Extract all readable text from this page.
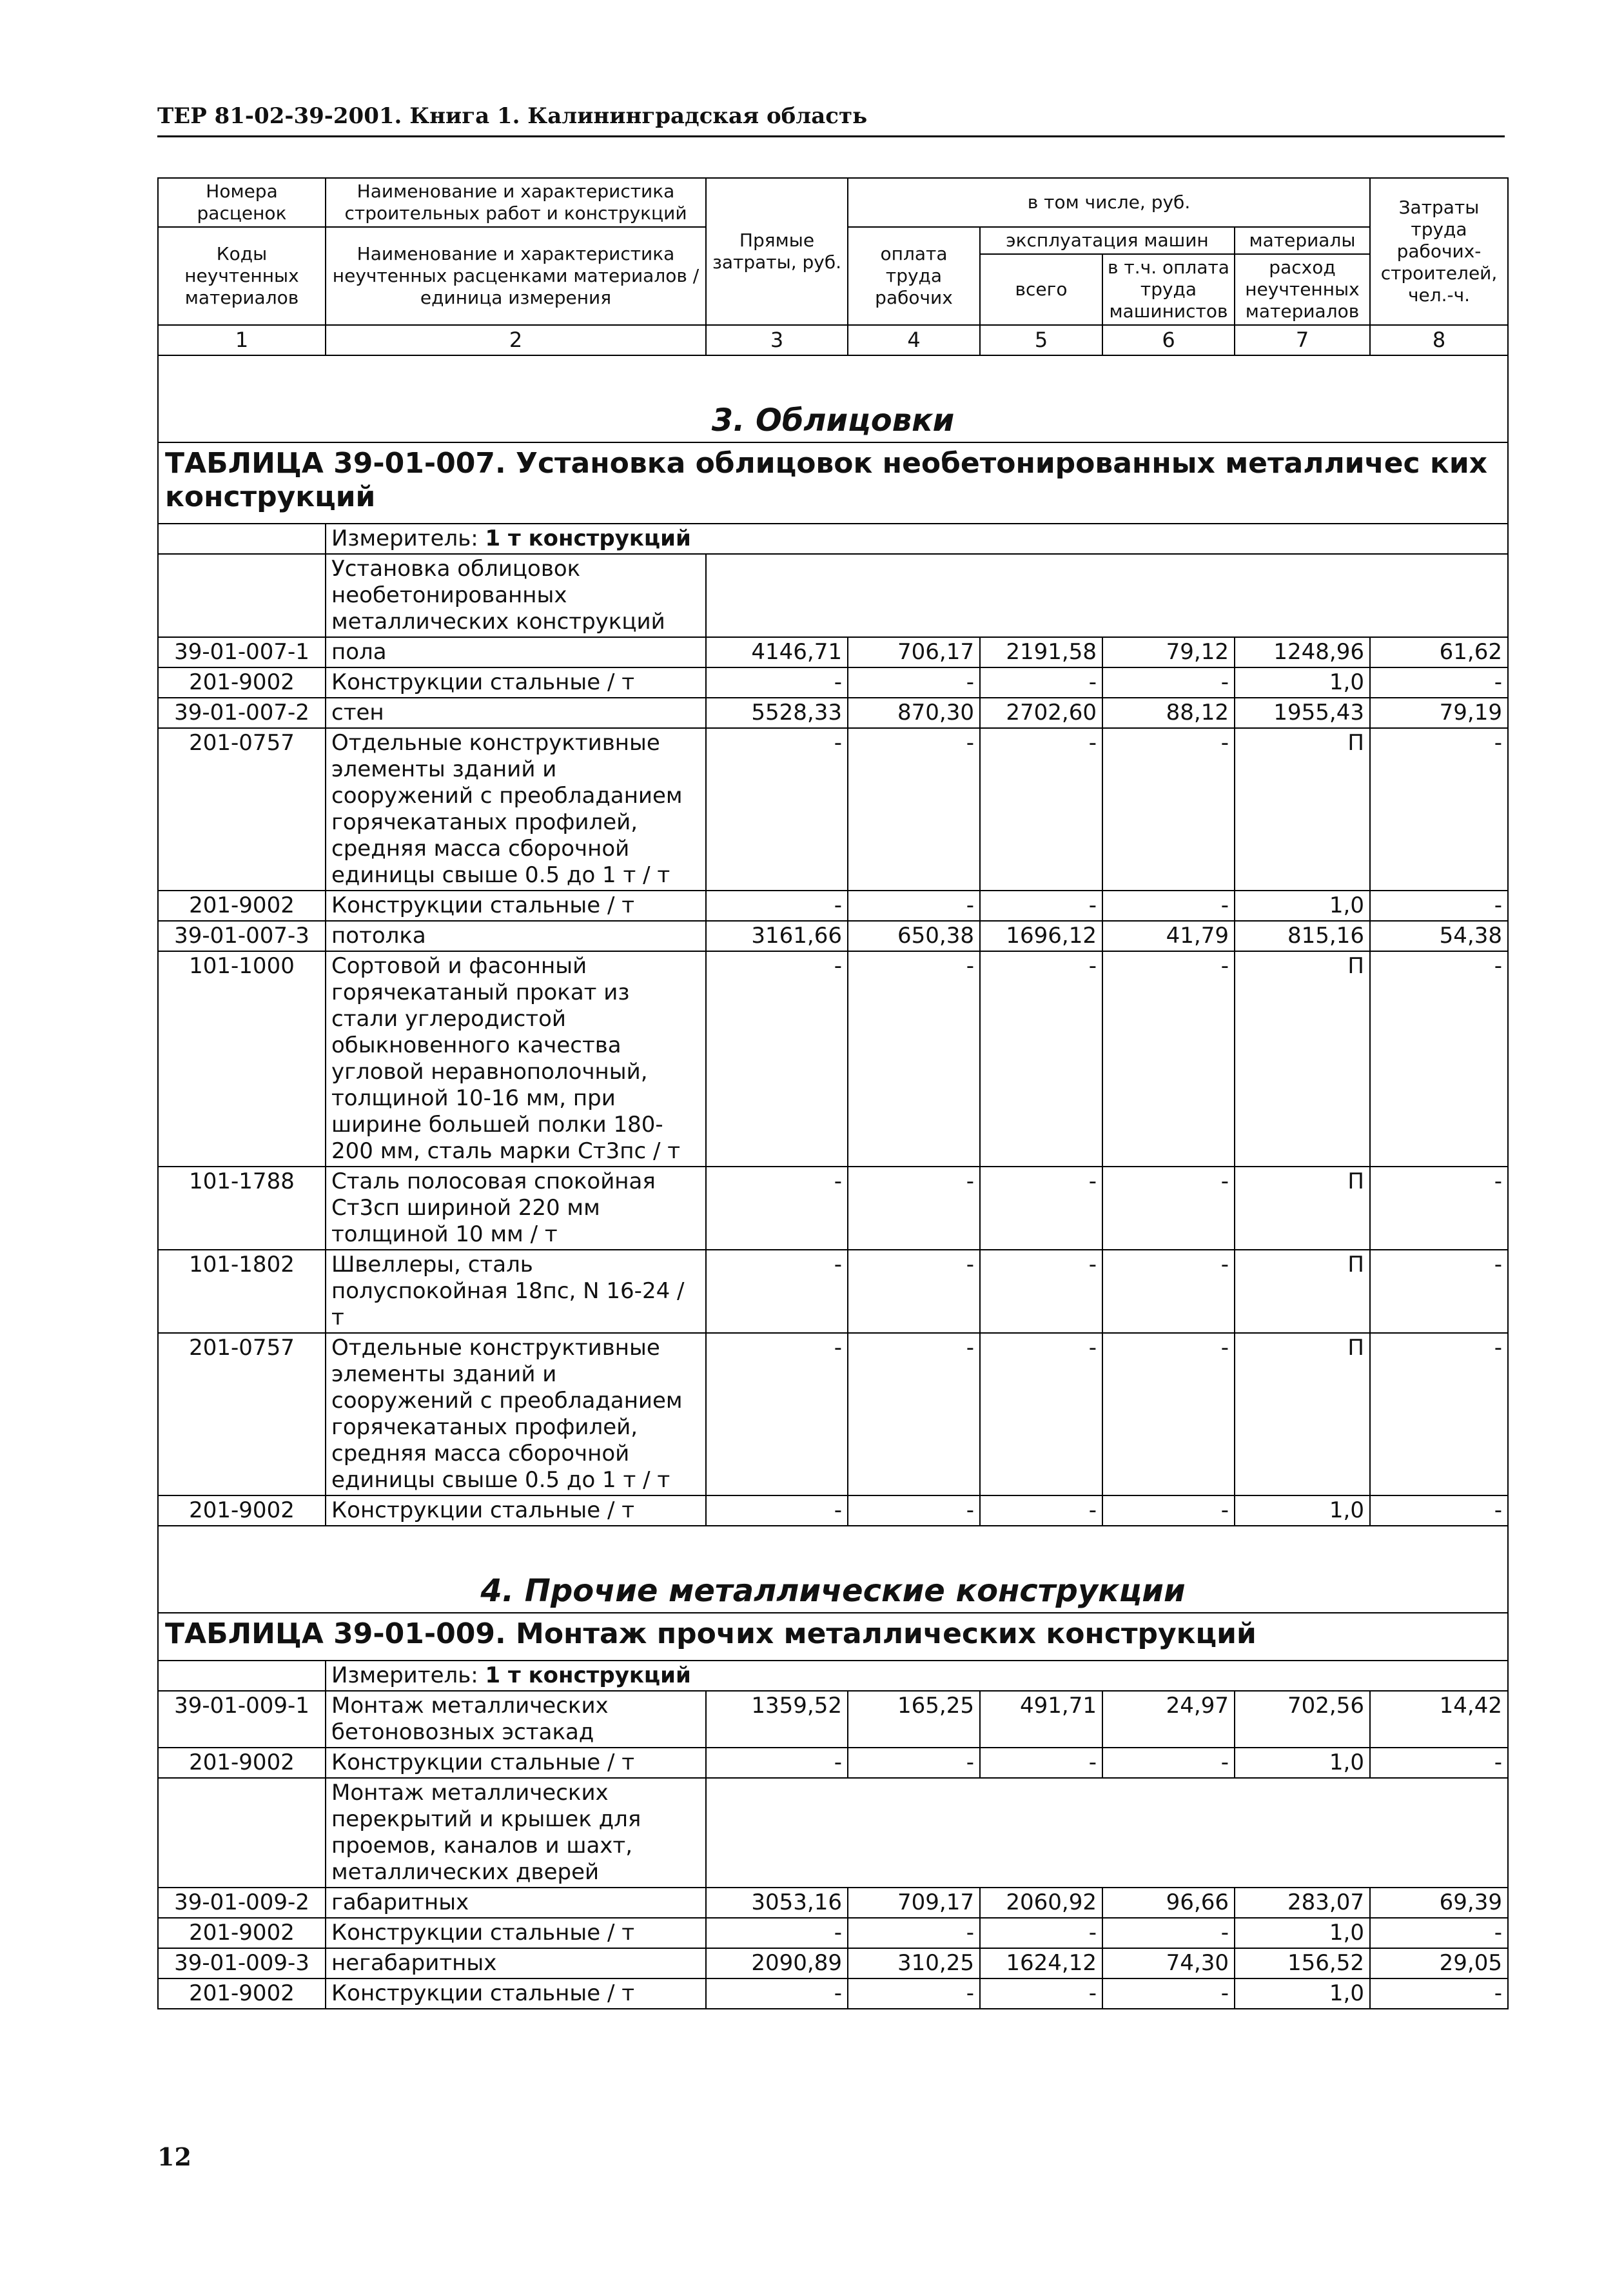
ТЕР 81-02-39-2001. Книга 1. Калининградская область
Номера расценок	Наименование и характеристика строительных работ и конструкций	Прямые затраты, руб.	в том числе, руб.				Затраты труда рабочих-строителей, чел.-ч.
Коды неучтенных материалов	Наименование и характеристика неучтенных расценками материалов / единица измерения		оплата труда рабочих	эксплуатация машин		материалы	
				всего	в т.ч. оплата труда машинистов	расход неучтенных материалов	
1	2	3	4	5	6	7	8
3. Облицовки							
ТАБЛИЦА 39-01-007. Установка облицовок необетонированных металличес ких конструкций							
	Измеритель: 1 т конструкций						
	Установка облицовок необетонированных металлических конструкций						
39-01-007-1	пола	4146,71	706,17	2191,58	79,12	1248,96	61,62
201-9002	Конструкции стальные / т	-	-	-	-	1,0	-
39-01-007-2	стен	5528,33	870,30	2702,60	88,12	1955,43	79,19
201-0757	Отдельные конструктивные элементы зданий и сооружений с преобладанием горячекатаных профилей, средняя масса сборочной единицы свыше 0.5 до 1 т / т	-	-	-	-	П	-
201-9002	Конструкции стальные / т	-	-	-	-	1,0	-
39-01-007-3	потолка	3161,66	650,38	1696,12	41,79	815,16	54,38
101-1000	Сортовой и фасонный горячекатаный прокат из стали углеродистой обыкновенного качества угловой неравнополочный, толщиной 10-16 мм, при ширине большей полки 180-200 мм, сталь марки Ст3пс / т	-	-	-	-	П	-
101-1788	Сталь полосовая спокойная Ст3сп шириной 220 мм толщиной 10 мм / т	-	-	-	-	П	-
101-1802	Швеллеры, сталь полуспокойная 18пс, N 16-24 / т	-	-	-	-	П	-
201-0757	Отдельные конструктивные элементы зданий и сооружений с преобладанием горячекатаных профилей, средняя масса сборочной единицы свыше 0.5 до 1 т / т	-	-	-	-	П	-
201-9002	Конструкции стальные / т	-	-	-	-	1,0	-
4. Прочие металлические конструкции							
ТАБЛИЦА 39-01-009. Монтаж прочих металлических конструкций							
	Измеритель: 1 т конструкций						
39-01-009-1	Монтаж металлических бетоновозных эстакад	1359,52	165,25	491,71	24,97	702,56	14,42
201-9002	Конструкции стальные / т	-	-	-	-	1,0	-
	Монтаж металлических перекрытий и крышек для проемов, каналов и шахт, металлических дверей						
39-01-009-2	габаритных	3053,16	709,17	2060,92	96,66	283,07	69,39
201-9002	Конструкции стальные / т	-	-	-	-	1,0	-
39-01-009-3	негабаритных	2090,89	310,25	1624,12	74,30	156,52	29,05
201-9002	Конструкции стальные / т	-	-	-	-	1,0	-
12
